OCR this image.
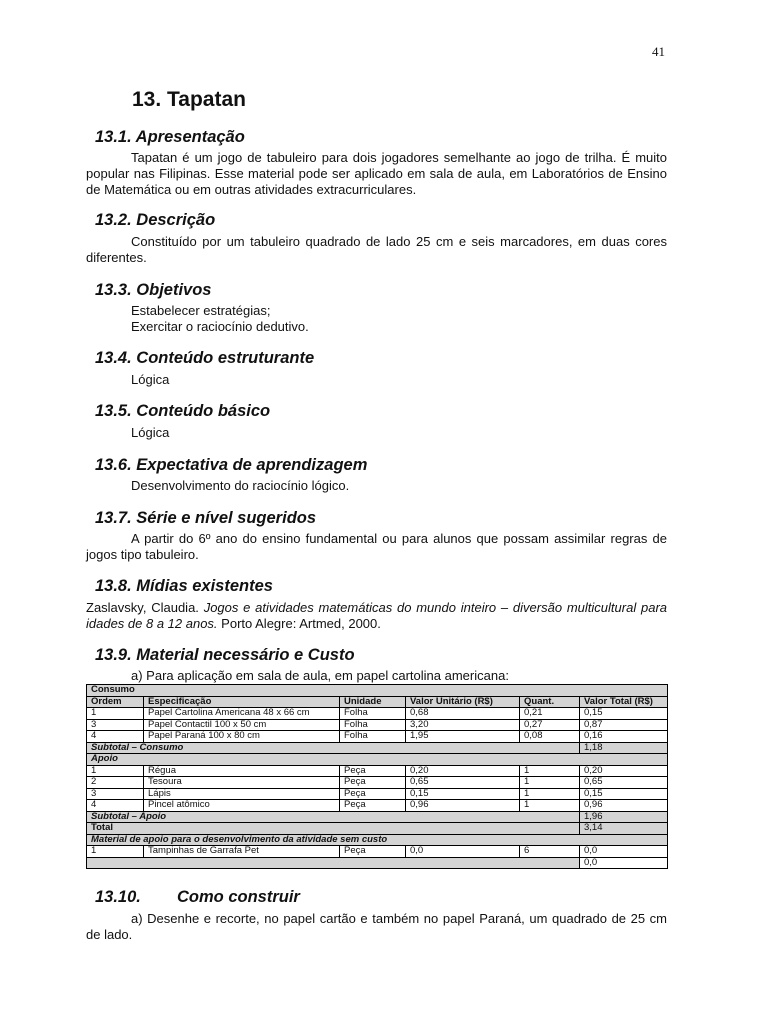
41
13. Tapatan
13.1. Apresentação

Tapatan é um jogo de tabuleiro para dois jogadores semelhante ao jogo de trilha. É muito popular nas Filipinas. Esse material pode ser aplicado em sala de aula, em Laboratórios de Ensino de Matemática ou em outras atividades extracurriculares.

13.2. Descrição

Constituído por um tabuleiro quadrado de lado 25 cm e seis marcadores, em duas cores diferentes.

13.3. Objetivos

Estabelecer estratégias;

Exercitar o raciocínio dedutivo.

13.4. Conteúdo estruturante

Lógica

13.5. Conteúdo básico

Lógica

13.6. Expectativa de aprendizagem

Desenvolvimento do raciocínio lógico.

13.7. Série e nível sugeridos

A partir do 6º ano do ensino fundamental ou para alunos que possam assimilar regras de jogos tipo tabuleiro.

13.8. Mídias existentes

Zaslavsky, Claudia. Jogos e atividades matemáticas do mundo inteiro – diversão multicultural para idades de 8 a 12 anos. Porto Alegre: Artmed, 2000.

13.9. Material necessário e Custo

a) Para aplicação em sala de aula, em papel cartolina americana:

Consumo					
Ordem	Especificação	Unidade	Valor Unitário (R$)	Quant.	Valor Total (R$)
1	Papel Cartolina Americana 48 x 66 cm	Folha	0,68	0,21	0,15
3	Papel Contactil 100 x 50 cm	Folha	3,20	0,27	0,87
4	Papel Paraná 100 x 80 cm	Folha	1,95	0,08	0,16
Subtotal – Consumo					1,18
Apoio					
1	Régua	Peça	0,20	1	0,20
2	Tesoura	Peça	0,65	1	0,65
3	Lápis	Peça	0,15	1	0,15
4	Pincel atômico	Peça	0,96	1	0,96
Subtotal – Apoio					1,96
Total					3,14
Material de apoio para o desenvolvimento da atividade sem custo					
1	Tampinhas de Garrafa Pet	Peça	0,0	6	0,0
					0,0
13.10. Como construir

a) Desenhe e recorte, no papel cartão e também no papel Paraná, um quadrado de 25 cm de lado.
